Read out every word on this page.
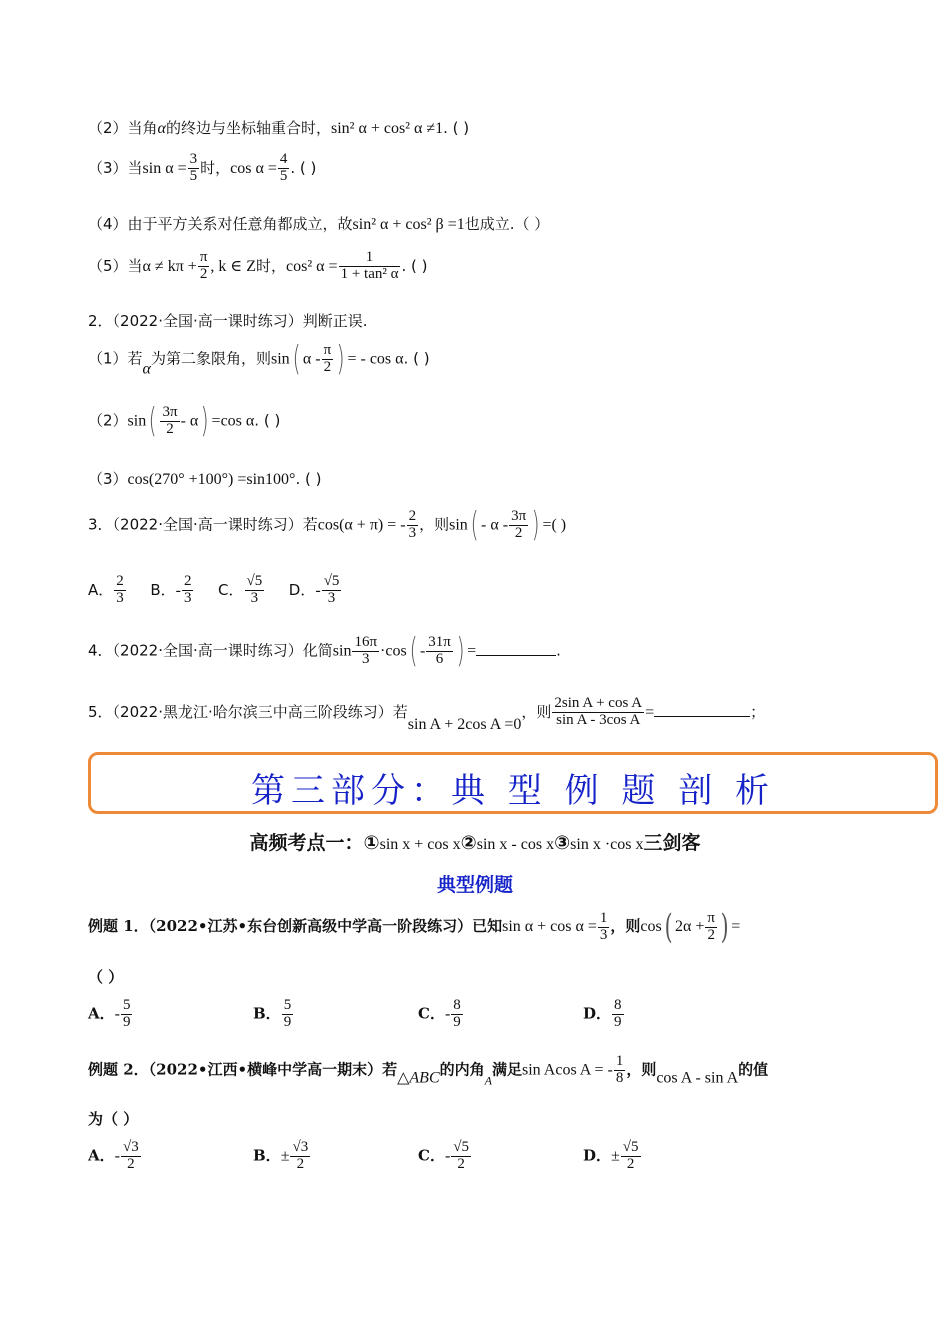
（2）当角α的终边与坐标轴重合时，sin² α + cos² α ≠1. ( )
（3）当$\sin \alpha = \frac{3}{5}$ 时，$\cos \alpha = \frac{4}{5}$ . ( )
（4）由于平方关系对任意角都成立，故sin² α + cos² β =1也成立.（ ）
（5）当$\alpha \ne k\pi + \frac{\pi}{2}$ , k ∈ Z时，cos² $\alpha = \frac{1}{\text{1 + tan² α}}$ . ( )
2．（2022·全国·高一课时练习）判断正误.
（1）若α为第二象限角，则sin( α - $\frac{\pi}{2}$ ) = - cos α. ( )
$(2)\sin( \frac{3\pi}{2} - \alpha) =\cos$ α. ( )
（3）cos(270° +100°) =sin100°. ( )
3．（2022·全国·高一课时练习）若cos(α + π) = - $\frac{2}{3}$ ，则sin( - α - $\frac{3\pi}{2}$ ) =( )
A． $\frac{2}{3}$ B．- $\frac{2}{3}$ C． $\frac{√5}{3}$ D．- $\frac{√5}{3}$
4．（2022·全国·高一课时练习）化简$\sin \frac{16\pi}{3} \cdot\cos( - \frac{31\pi}{6}$ ) =	.
5．（2022·黑龙江·哈尔滨三中高三阶段练习）若sin A + 2cos A =0，则 $\frac{\text{2sin A + cos A}}{\text{sin A - 3cos A}}$ =	；
第三部分：典 型 例 题 剖 析
高频考点一：①sin x + cos x②sin x - cos x③sin x ·cos x三剑客
典型例题
例题 1．（2022•江苏•东台创新高级中学高一阶段练习）已知$\sin \alpha + \cos \alpha = \frac{1}{3}$ ，则cos( $2\alpha + \frac{\pi}{2}$ ) =
（ ）
A．- $\frac{5}{9}$	B． $\frac{5}{9}$	C．- $\frac{8}{9}$	D． $\frac{8}{9}$
例题 2．（2022•江西•横峰中学高一期末）若△ABC的内角$_A$满足sin Acos A = - $\frac{1}{8}$ ，则cos A - sin A的值
为（ ）
A．- $\frac{√3}{2}$	B．± $\frac{√3}{2}$	C．- $\frac{√5}{2}$	D．± $\frac{√5}{2}$
